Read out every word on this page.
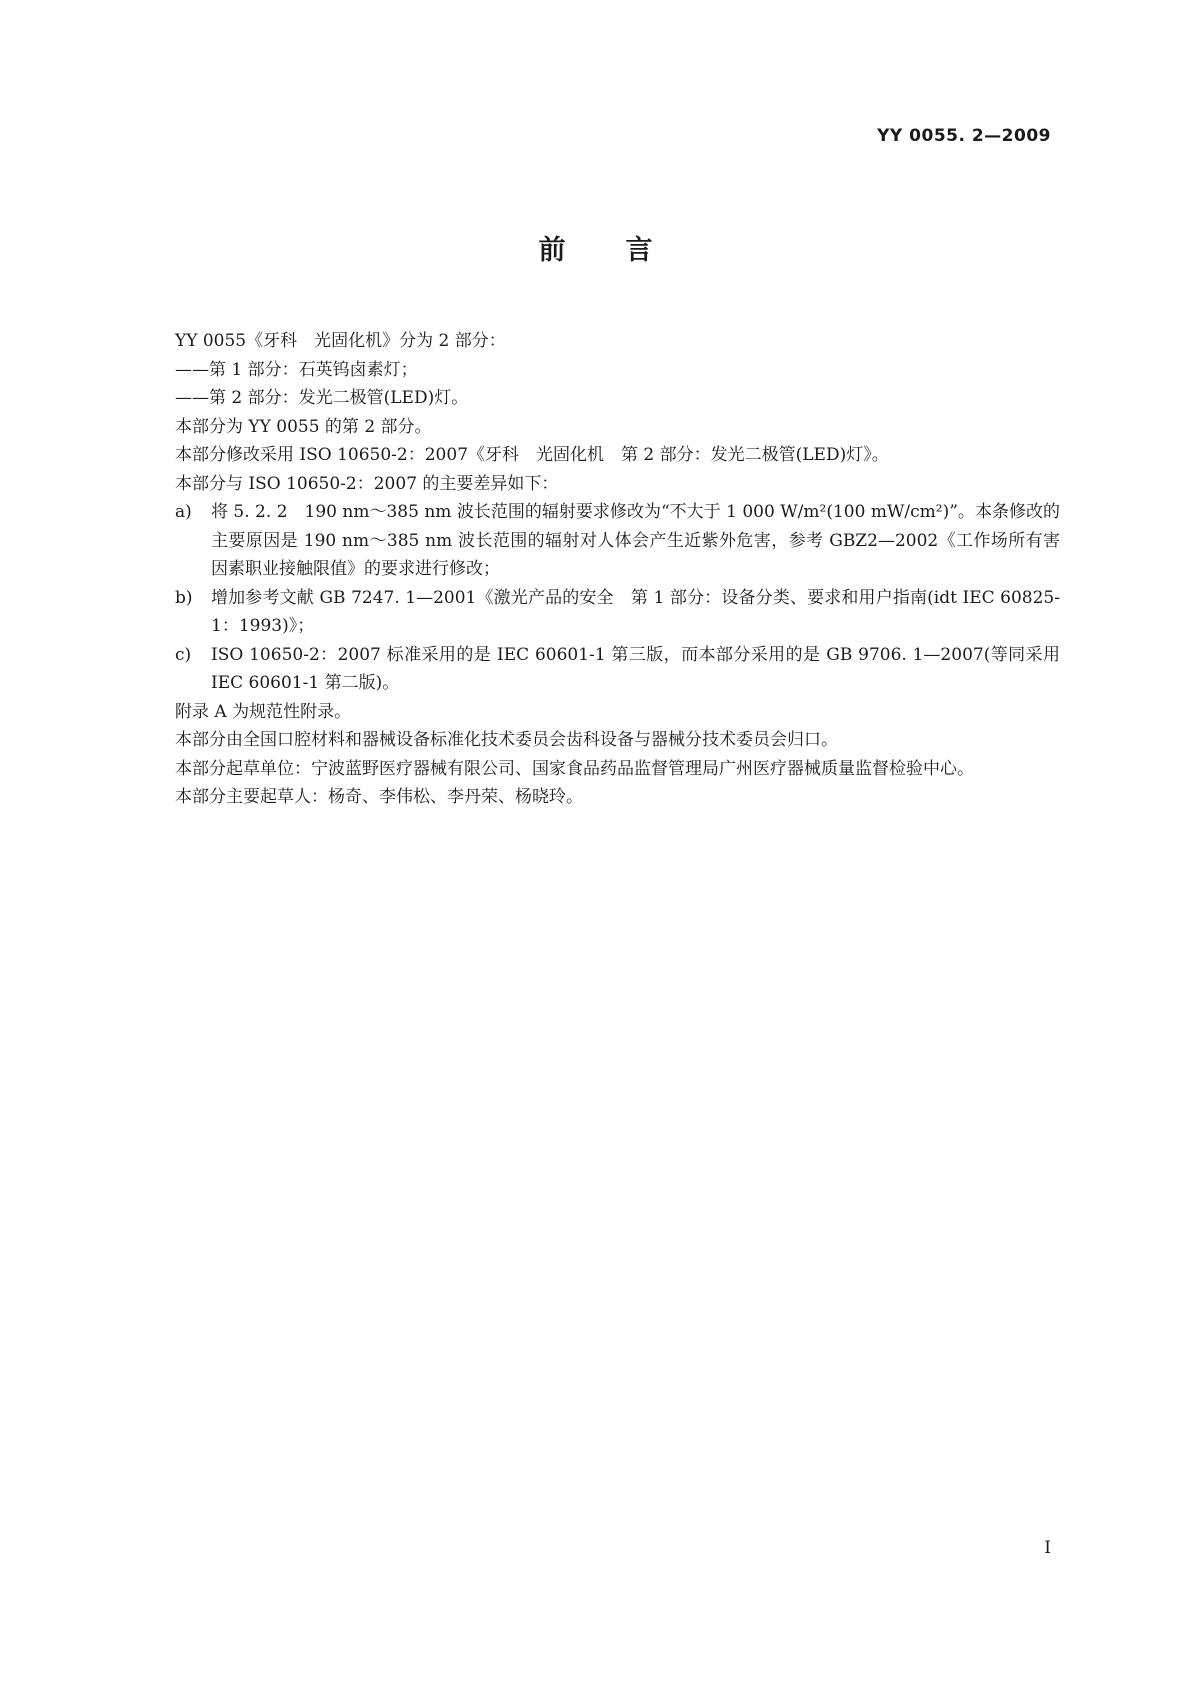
YY 0055. 2—2009
前言

YY 0055《牙科　光固化机》分为 2 部分：

——第 1 部分：石英钨卤素灯；

——第 2 部分：发光二极管(LED)灯。

本部分为 YY 0055 的第 2 部分。

本部分修改采用 ISO 10650-2：2007《牙科　光固化机　第 2 部分：发光二极管(LED)灯》。

本部分与 ISO 10650-2：2007 的主要差异如下：

a) 将 5. 2. 2　190 nm～385 nm 波长范围的辐射要求修改为“不大于 1 000 W/m²(100 mW/cm²)”。本条修改的主要原因是 190 nm～385 nm 波长范围的辐射对人体会产生近紫外危害，参考 GBZ2—2002《工作场所有害因素职业接触限值》的要求进行修改；
b) 增加参考文献 GB 7247. 1—2001《激光产品的安全　第 1 部分：设备分类、要求和用户指南(idt IEC 60825-1：1993)》；
c) ISO 10650-2：2007 标准采用的是 IEC 60601-1 第三版，而本部分采用的是 GB 9706. 1—2007(等同采用 IEC 60601-1 第二版)。

附录 A 为规范性附录。

本部分由全国口腔材料和器械设备标准化技术委员会齿科设备与器械分技术委员会归口。

本部分起草单位：宁波蓝野医疗器械有限公司、国家食品药品监督管理局广州医疗器械质量监督检验中心。

本部分主要起草人：杨奇、李伟松、李丹荣、杨晓玲。

I
